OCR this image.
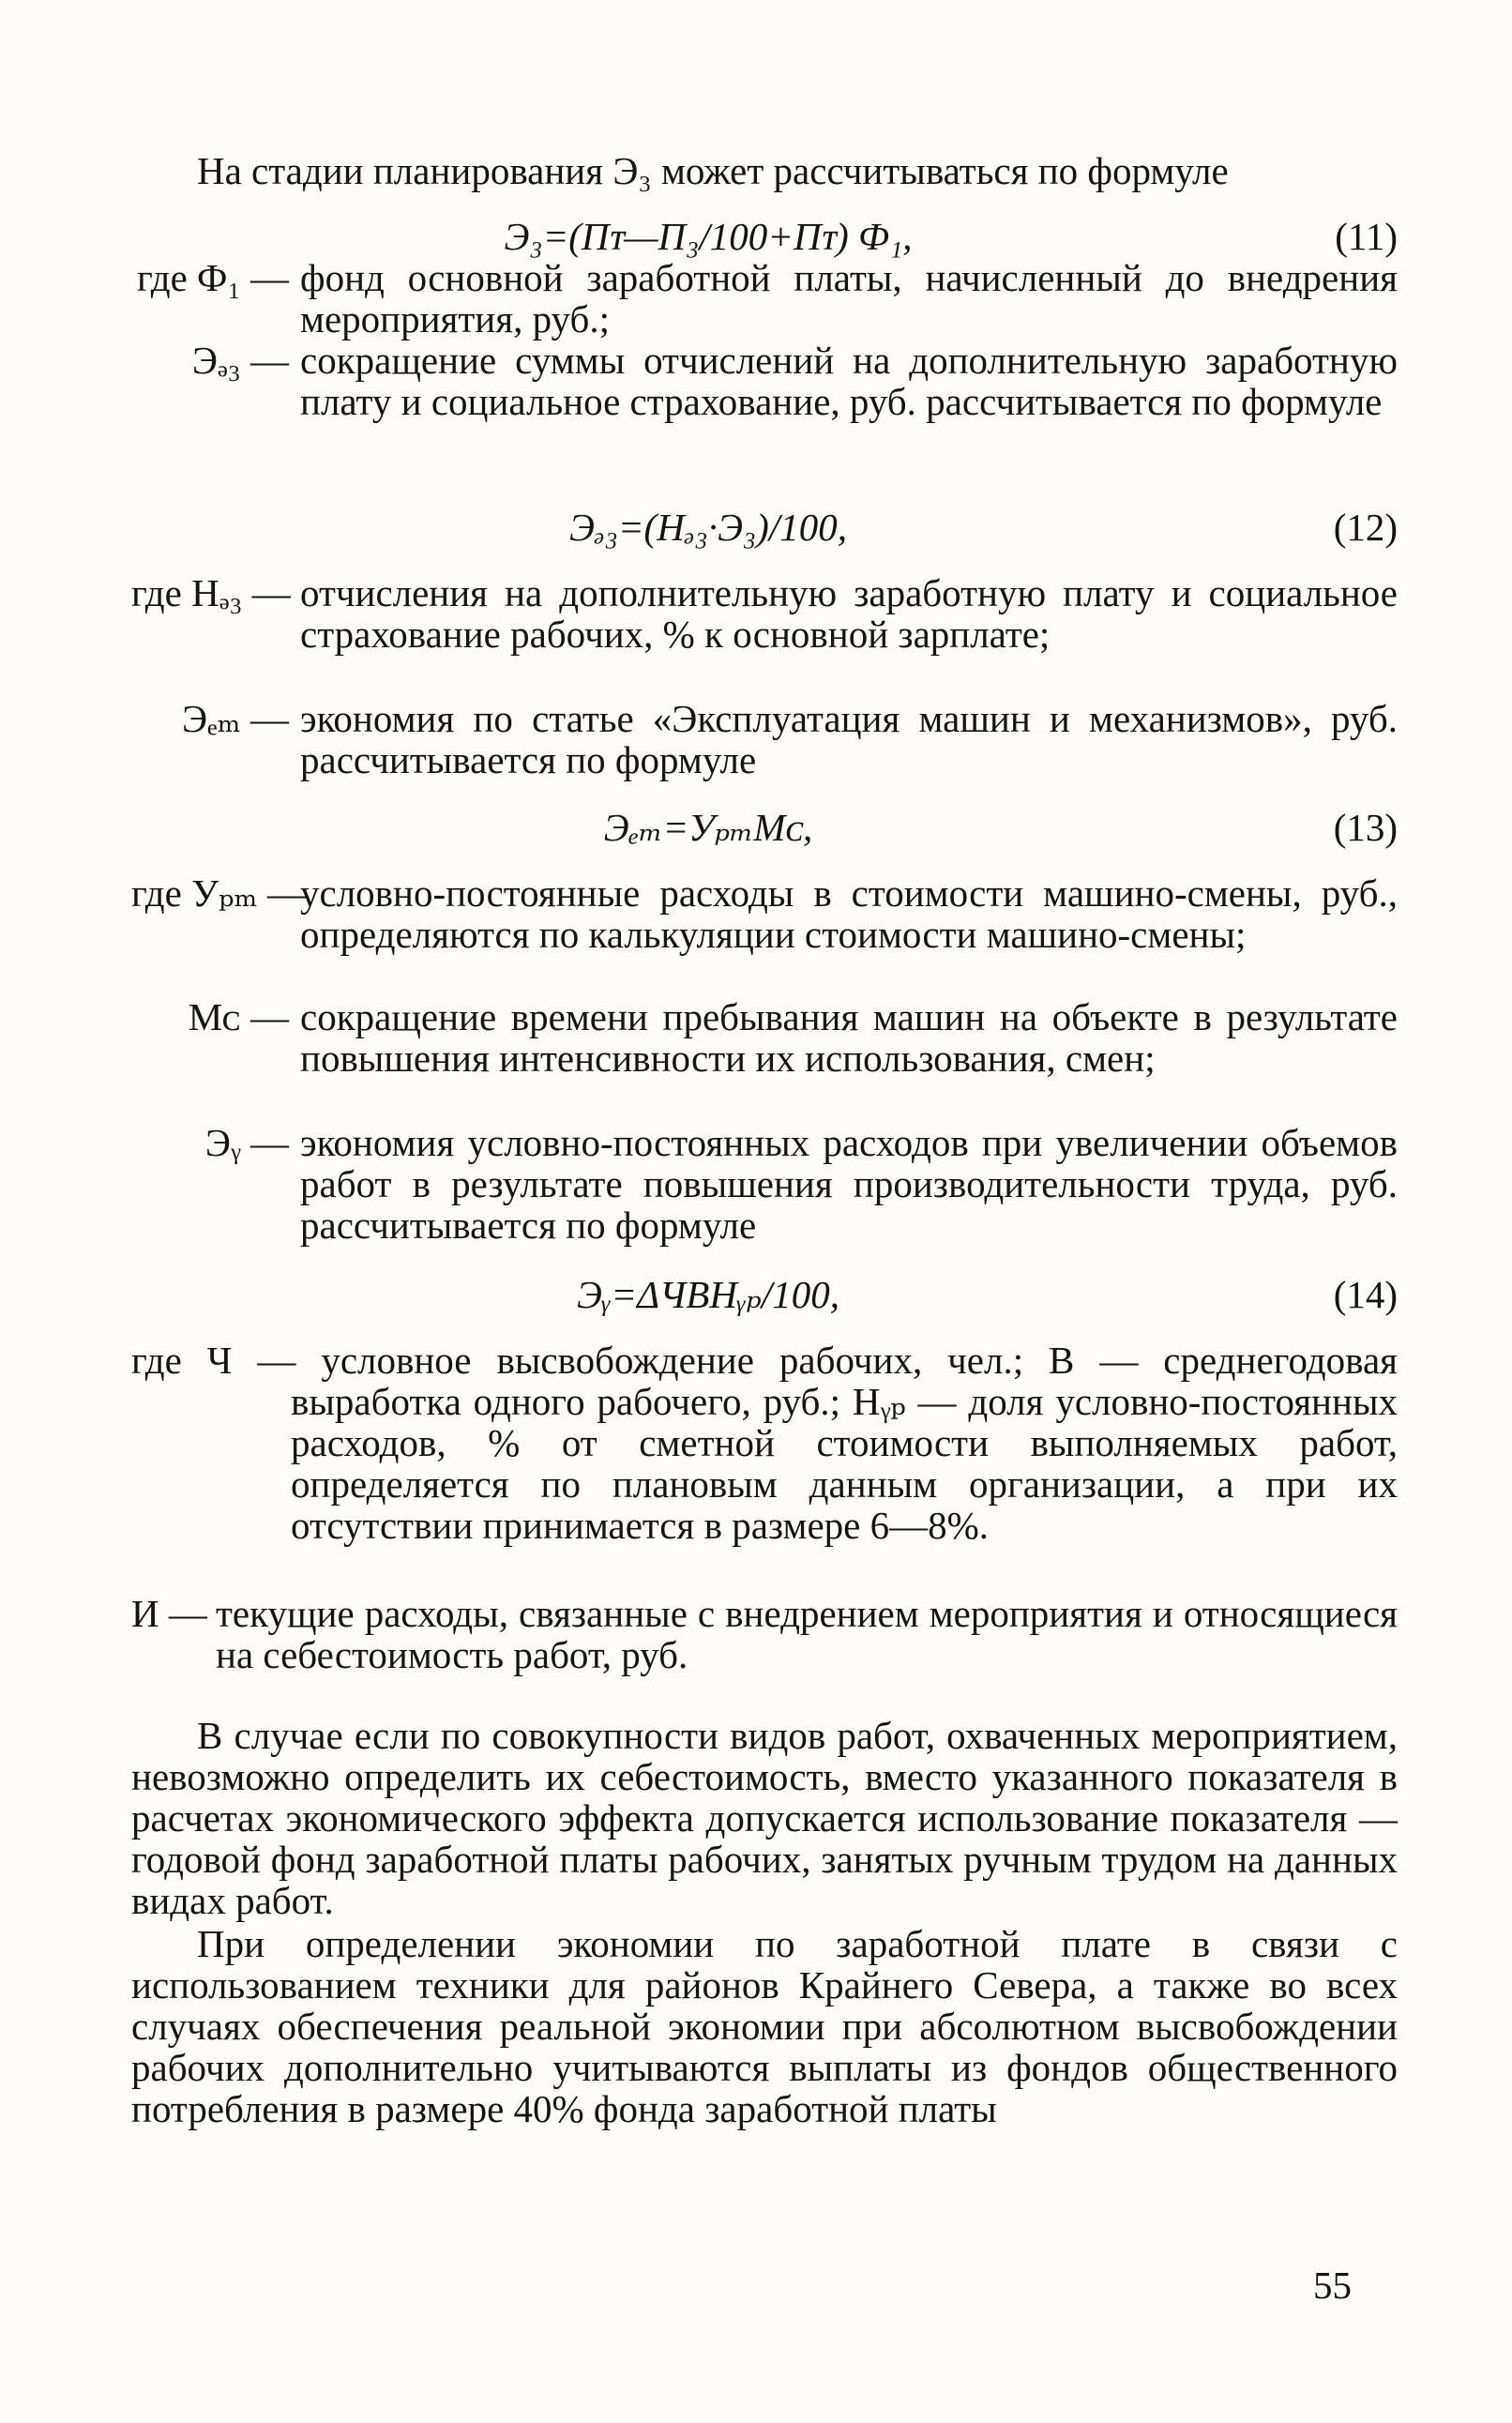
На стадии планирования Э₃ может рассчитываться по формуле
Э₃=(Пᴛ—П₃/100+Пᴛ) Ф₁,	(11)
где Ф₁ — фонд основной заработной платы, начисленный до внедрения мероприятия, руб.;
Эₔ₃ — сокращение суммы отчислений на дополнительную заработную плату и социальное страхование, руб. рассчитывается по формуле
Эₔ₃=(Нₔ₃·Э₃)/100,	(12)
где Нₔ₃ — отчисления на дополнительную заработную плату и социальное страхование рабочих, % к основной зарплате;
Эₑₘ — экономия по статье «Эксплуатация машин и механизмов», руб. рассчитывается по формуле
Эₑₘ=УₚₘМᴄ,	(13)
где Уₚₘ —
условно-постоянные расходы в стоимости машино-смены, руб., определяются по калькуляции стоимости машино-смены;
Мᴄ — сокращение времени пребывания машин на объекте в результате повышения интенсивности их использования, смен;
Эᵧ — экономия условно-постоянных расходов при увеличении объемов работ в результате повышения производительности труда, руб. рассчитывается по формуле
Эᵧ=ΔЧВНᵧₚ/100,	(14)
где Ч — условное высвобождение рабочих, чел.; В — среднегодовая выработка одного рабочего, руб.; Нᵧₚ — доля условно-постоянных расходов, % от сметной стоимости выполняемых работ, определяется по плановым данным организации, а при их отсутствии принимается в размере 6—8%.
И — текущие расходы, связанные с внедрением мероприятия и относящиеся на себестоимость работ, руб.
В случае если по совокупности видов работ, охваченных мероприятием, невозможно определить их себестоимость, вместо указанного показателя в расчетах экономического эффекта допускается использование показателя — годовой фонд заработной платы рабочих, занятых ручным трудом на данных видах работ.
При определении экономии по заработной плате в связи с использованием техники для районов Крайнего Севера, а также во всех случаях обеспечения реальной экономии при абсолютном высвобождении рабочих дополнительно учитываются выплаты из фондов общественного потребления в размере 40% фонда заработной платы
55
